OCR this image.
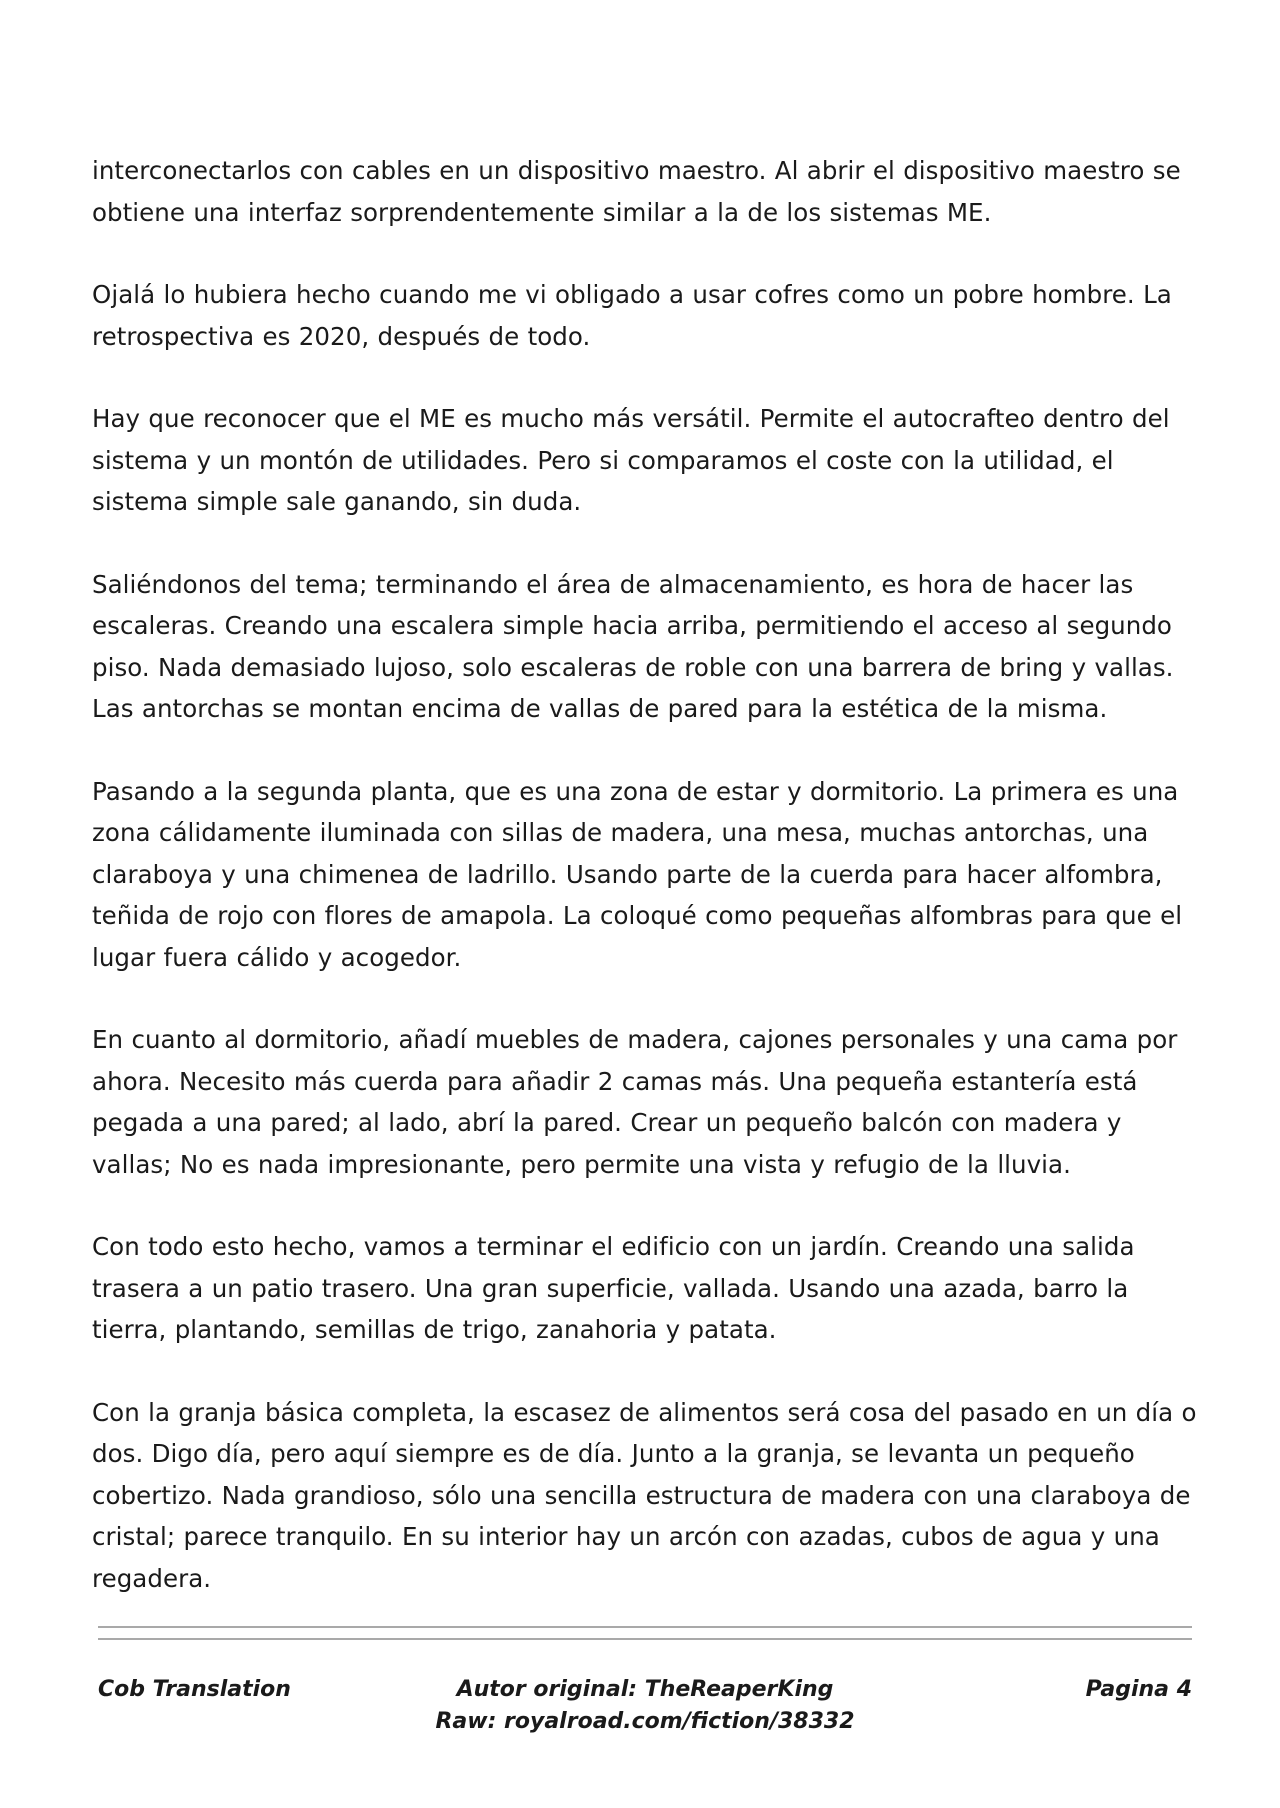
interconectarlos con cables en un dispositivo maestro. Al abrir el dispositivo maestro se obtiene una interfaz sorprendentemente similar a la de los sistemas ME.

Ojalá lo hubiera hecho cuando me vi obligado a usar cofres como un pobre hombre. La retrospectiva es 2020, después de todo.

Hay que reconocer que el ME es mucho más versátil. Permite el autocrafteo dentro del sistema y un montón de utilidades. Pero si comparamos el coste con la utilidad, el sistema simple sale ganando, sin duda.

Saliéndonos del tema; terminando el área de almacenamiento, es hora de hacer las escaleras. Creando una escalera simple hacia arriba, permitiendo el acceso al segundo piso. Nada demasiado lujoso, solo escaleras de roble con una barrera de bring y vallas. Las antorchas se montan encima de vallas de pared para la estética de la misma.

Pasando a la segunda planta, que es una zona de estar y dormitorio. La primera es una zona cálidamente iluminada con sillas de madera, una mesa, muchas antorchas, una claraboya y una chimenea de ladrillo. Usando parte de la cuerda para hacer alfombra, teñida de rojo con flores de amapola. La coloqué como pequeñas alfombras para que el lugar fuera cálido y acogedor.

En cuanto al dormitorio, añadí muebles de madera, cajones personales y una cama por ahora. Necesito más cuerda para añadir 2 camas más. Una pequeña estantería está pegada a una pared; al lado, abrí la pared. Crear un pequeño balcón con madera y vallas; No es nada impresionante, pero permite una vista y refugio de la lluvia.

Con todo esto hecho, vamos a terminar el edificio con un jardín. Creando una salida trasera a un patio trasero. Una gran superficie, vallada. Usando una azada, barro la tierra, plantando, semillas de trigo, zanahoria y patata.

Con la granja básica completa, la escasez de alimentos será cosa del pasado en un día o dos. Digo día, pero aquí siempre es de día. Junto a la granja, se levanta un pequeño cobertizo. Nada grandioso, sólo una sencilla estructura de madera con una claraboya de cristal; parece tranquilo. En su interior hay un arcón con azadas, cubos de agua y una regadera.

Cob Translation	Autor original: TheReaperKing
Raw: royalroad.com/fiction/38332
Pagina 4
